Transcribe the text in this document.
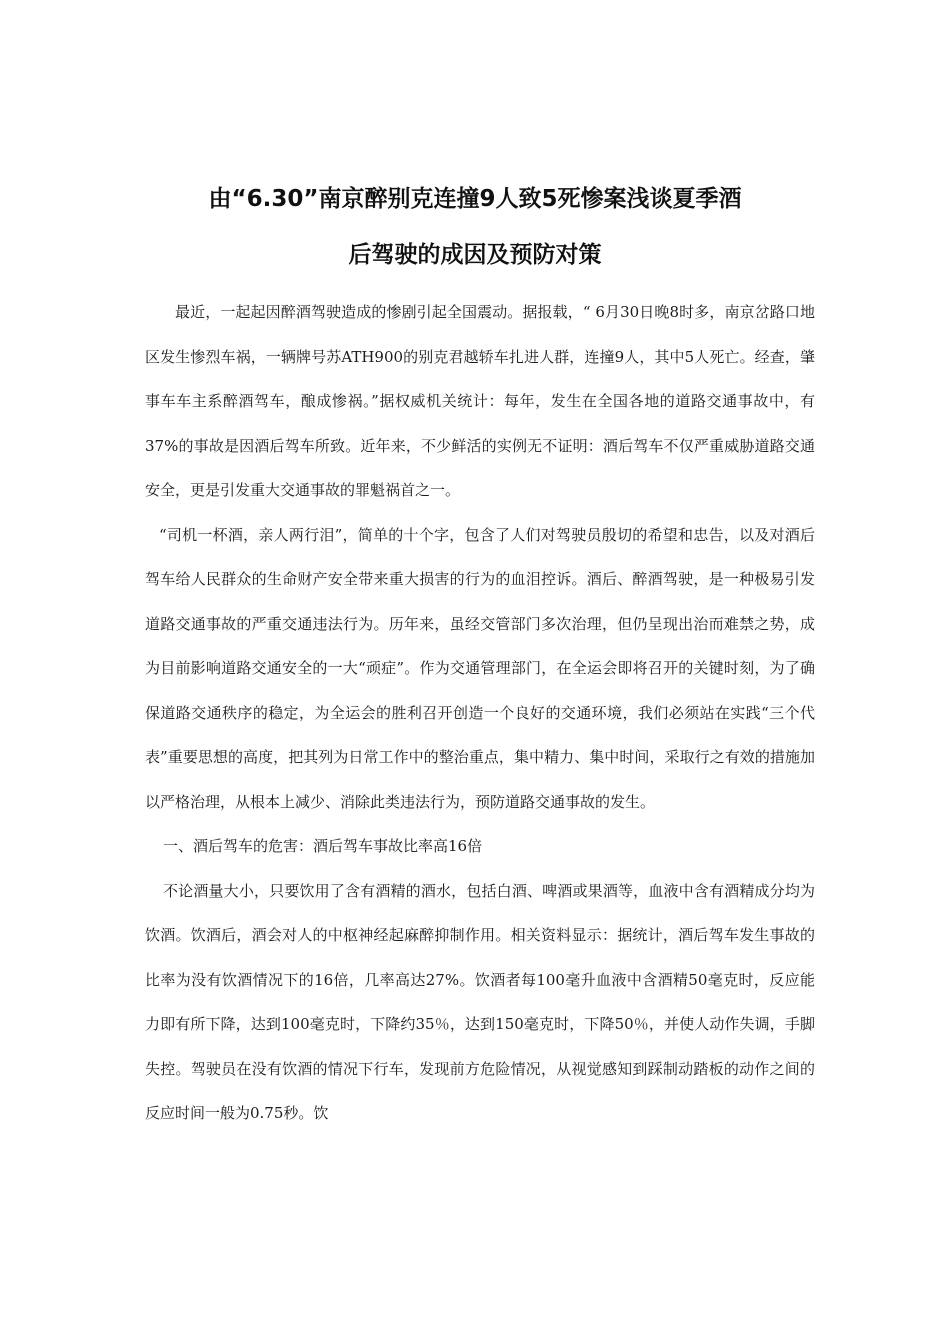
由“6.30”南京醉别克连撞9人致5死惨案浅谈夏季酒
后驾驶的成因及预防对策

最近，一起起因醉酒驾驶造成的惨剧引起全国震动。据报载，“ 6月30日晚8时多，南京岔路口地区发生惨烈车祸，一辆牌号苏ATH900的别克君越轿车扎进人群，连撞9人，其中5人死亡。经查，肇事车车主系醉酒驾车，酿成惨祸。”据权威机关统计：每年，发生在全国各地的道路交通事故中，有37%的事故是因酒后驾车所致。近年来，不少鲜活的实例无不证明：酒后驾车不仅严重威胁道路交通安全，更是引发重大交通事故的罪魁祸首之一。

“司机一杯酒，亲人两行泪”，简单的十个字，包含了人们对驾驶员殷切的希望和忠告，以及对酒后驾车给人民群众的生命财产安全带来重大损害的行为的血泪控诉。酒后、醉酒驾驶，是一种极易引发道路交通事故的严重交通违法行为。历年来，虽经交管部门多次治理，但仍呈现出治而难禁之势，成为目前影响道路交通安全的一大“顽症”。作为交通管理部门，在全运会即将召开的关键时刻，为了确保道路交通秩序的稳定，为全运会的胜利召开创造一个良好的交通环境，我们必须站在实践“三个代表”重要思想的高度，把其列为日常工作中的整治重点，集中精力、集中时间，采取行之有效的措施加以严格治理，从根本上减少、消除此类违法行为，预防道路交通事故的发生。

一、酒后驾车的危害：酒后驾车事故比率高16倍

不论酒量大小，只要饮用了含有酒精的酒水，包括白酒、啤酒或果酒等，血液中含有酒精成分均为饮酒。饮酒后，酒会对人的中枢神经起麻醉抑制作用。相关资料显示：据统计，酒后驾车发生事故的比率为没有饮酒情况下的16倍，几率高达27%。饮酒者每100毫升血液中含酒精50毫克时，反应能力即有所下降，达到100毫克时，下降约35％，达到150毫克时，下降50％，并使人动作失调，手脚失控。驾驶员在没有饮酒的情况下行车，发现前方危险情况，从视觉感知到踩制动踏板的动作之间的反应时间一般为0.75秒。饮
